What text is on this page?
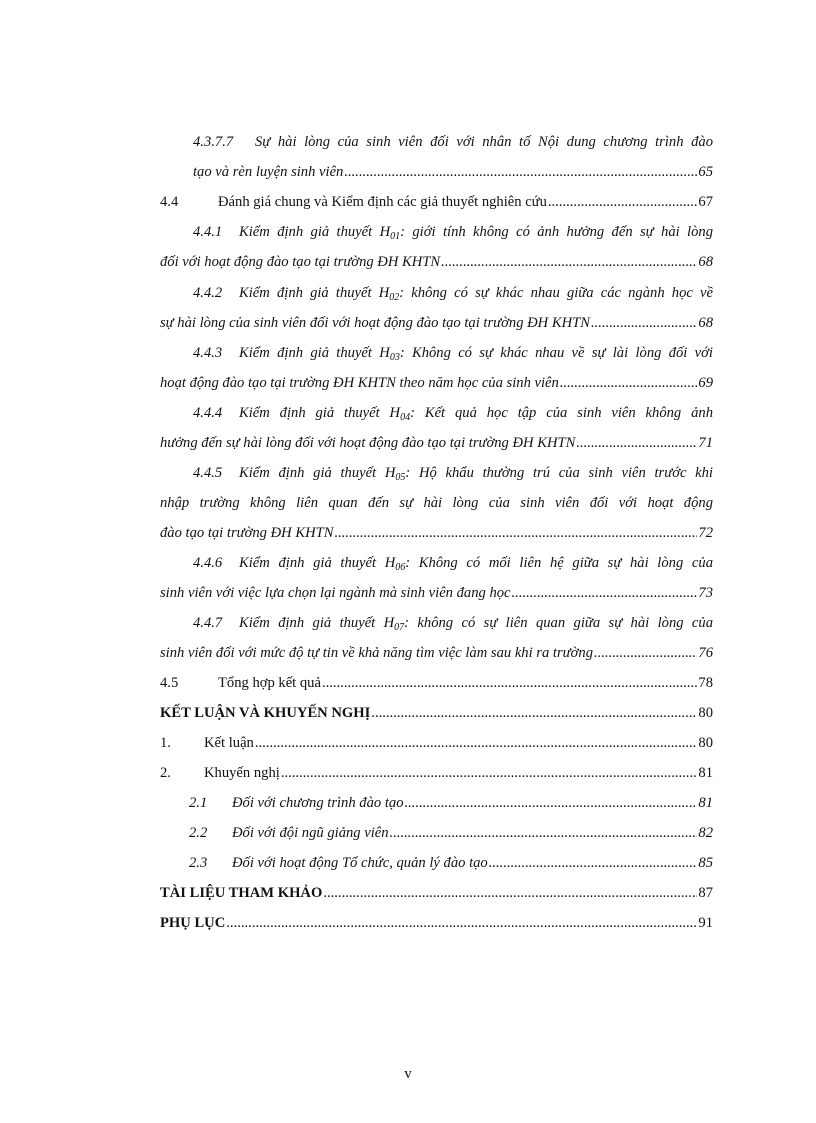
4.3.7.7 Sự hài lòng của sinh viên đối với nhân tố Nội dung chương trình đào
tạo và rèn luyện sinh viên .....	65
4.4	Đánh giá chung và Kiểm định các giả thuyết nghiên cứu .....	67
4.4.1 Kiểm định giả thuyết $H_{01}$: giới tính không có ảnh hưởng đến sự hài lòng
đối với hoạt động đào tạo tại trường ĐH KHTN .....	68
4.4.2 Kiểm định giả thuyết $H_{02}$: không có sự khác nhau giữa các ngành học về
sự hài lòng của sinh viên đối với hoạt động đào tạo tại trường ĐH KHTN .....	68
4.4.3 Kiểm định giả thuyết $H_{03}$: Không có sự khác nhau về sự lài lòng đối với
hoạt động đào tạo tại trường ĐH KHTN theo năm học của sinh viên .....	69
4.4.4 Kiểm định giả thuyết $H_{04}$: Kết quả học tập của sinh viên không ảnh
hưởng đến sự hài lòng đối với hoạt động đào tạo tại trường ĐH KHTN .....	71
4.4.5 Kiểm định giả thuyết $H_{05}$: Hộ khẩu thường trú của sinh viên trước khi
nhập trường không liên quan đến sự hài lòng của sinh viên đối với hoạt động
đào tạo tại trường ĐH KHTN .....	72
4.4.6 Kiểm định giả thuyết $H_{06}$: Không có mối liên hệ giữa sự hài lòng của
sinh viên với việc lựa chọn lại ngành mà sinh viên đang học .....	73
4.4.7 Kiểm định giả thuyết $H_{07}$: không có sự liên quan giữa sự hài lòng của
sinh viên đối với mức độ tự tin về khả năng tìm việc làm sau khi ra trường .....	76
4.5	Tổng hợp kết quả .....	78
KẾT LUẬN VÀ KHUYẾN NGHỊ .....	80
1.	Kết luận .....	80
2.	Khuyến nghị .....	81
2.1	Đối với chương trình đào tạo .....	81
2.2	Đối với đội ngũ giảng viên .....	82
2.3	Đối với hoạt động Tổ chức, quản lý đào tạo .....	85
TÀI LIỆU THAM KHẢO .....	87
PHỤ LỤC .....	91
v
